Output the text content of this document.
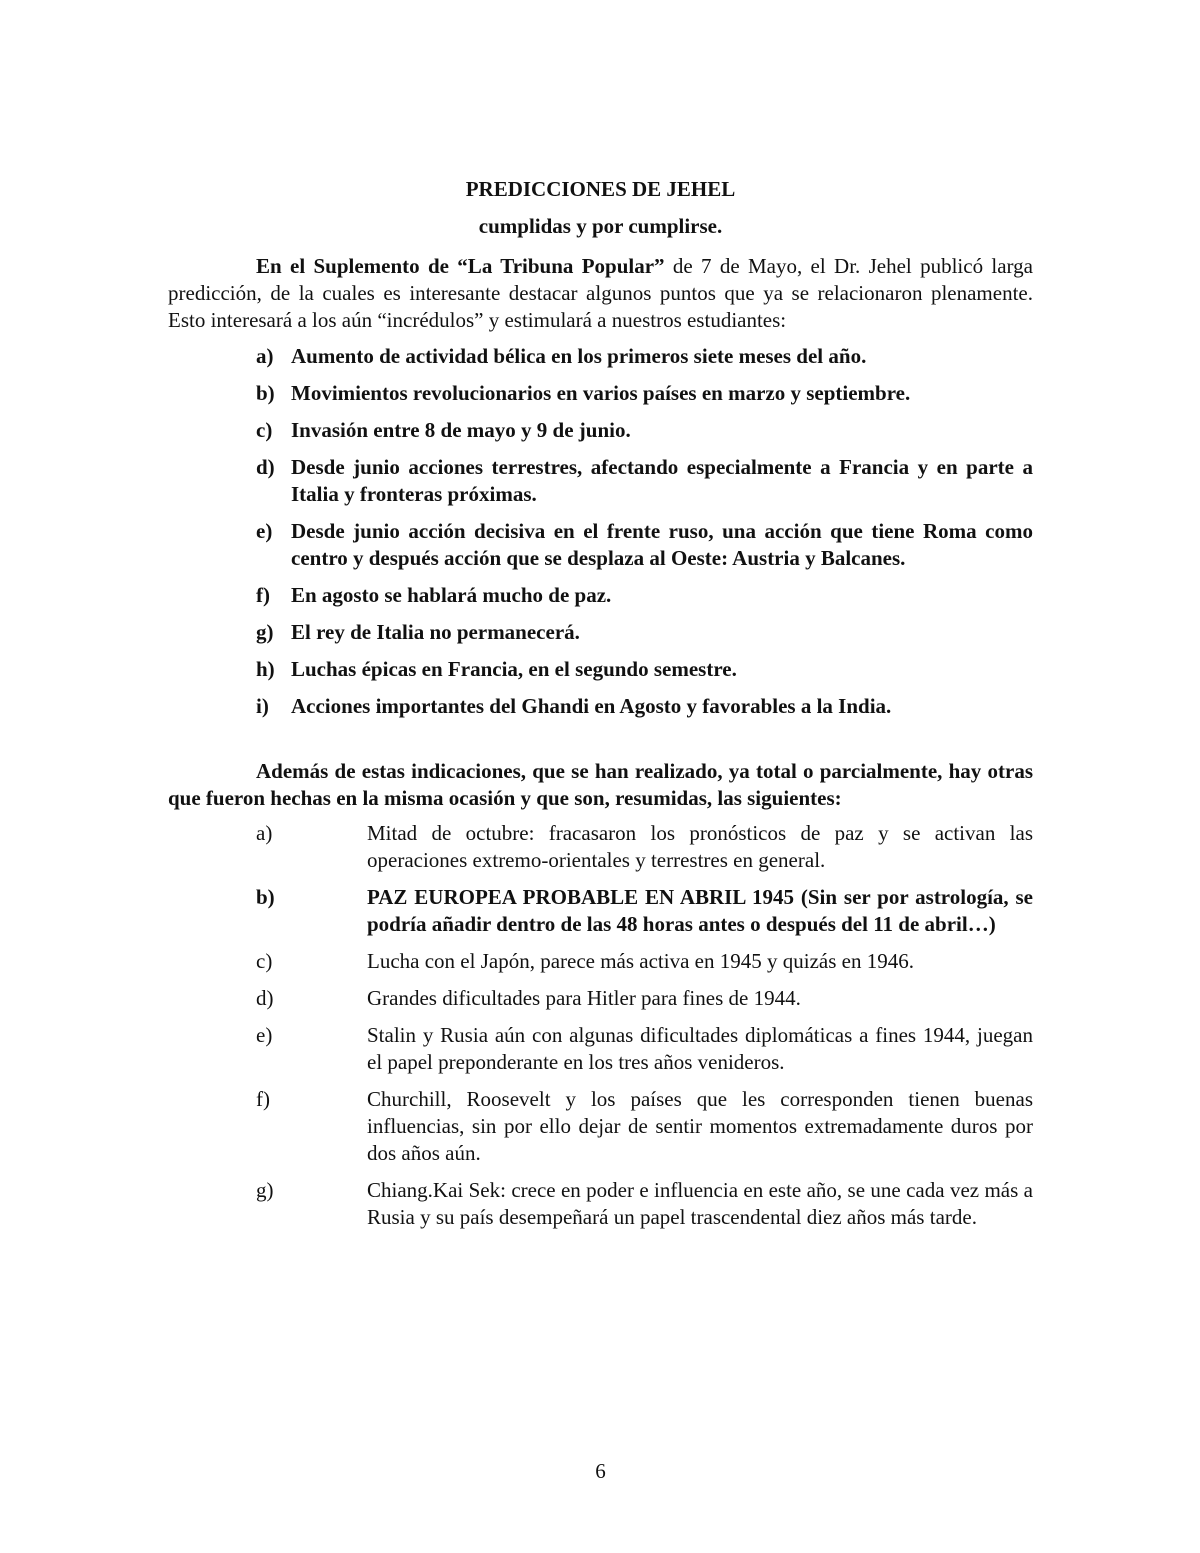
PREDICCIONES DE JEHEL

cumplidas y por cumplirse.

En el Suplemento de “La Tribuna Popular” de 7 de Mayo, el Dr. Jehel publicó larga predicción, de la cuales es interesante destacar algunos puntos que ya se relacionaron plenamente. Esto interesará a los aún “incrédulos” y estimulará a nuestros estudiantes:

a) Aumento de actividad bélica en los primeros siete meses del año.
b) Movimientos revolucionarios en varios países en marzo y septiembre.
c) Invasión entre 8 de mayo y 9 de junio.
d) Desde junio acciones terrestres, afectando especialmente a Francia y en parte a Italia y fronteras próximas.
e) Desde junio acción decisiva en el frente ruso, una acción que tiene Roma como centro y después acción que se desplaza al Oeste: Austria y Balcanes.
f) En agosto se hablará mucho de paz.
g) El rey de Italia no permanecerá.
h) Luchas épicas en Francia, en el segundo semestre.
i) Acciones importantes del Ghandi en Agosto y favorables a la India.

Además de estas indicaciones, que se han realizado, ya total o parcialmente, hay otras que fueron hechas en la misma ocasión y que son, resumidas, las siguientes:

a)	Mitad de octubre: fracasaron los pronósticos de paz y se activan las operaciones extremo-orientales y terrestres en general.
b)	PAZ EUROPEA PROBABLE EN ABRIL 1945 (Sin ser por astrología, se podría añadir dentro de las 48 horas antes o después del 11 de abril…)
c)	Lucha con el Japón, parece más activa en 1945 y quizás en 1946.
d)	Grandes dificultades para Hitler para fines de 1944.
e)	Stalin y Rusia aún con algunas dificultades diplomáticas a fines 1944, juegan el papel preponderante en los tres años venideros.
f)	Churchill, Roosevelt y los países que les corresponden tienen buenas influencias, sin por ello dejar de sentir momentos extremadamente duros por dos años aún.
g)	Chiang.Kai Sek: crece en poder e influencia en este año, se une cada vez más a Rusia y su país desempeñará un papel trascendental diez años más tarde.

6
